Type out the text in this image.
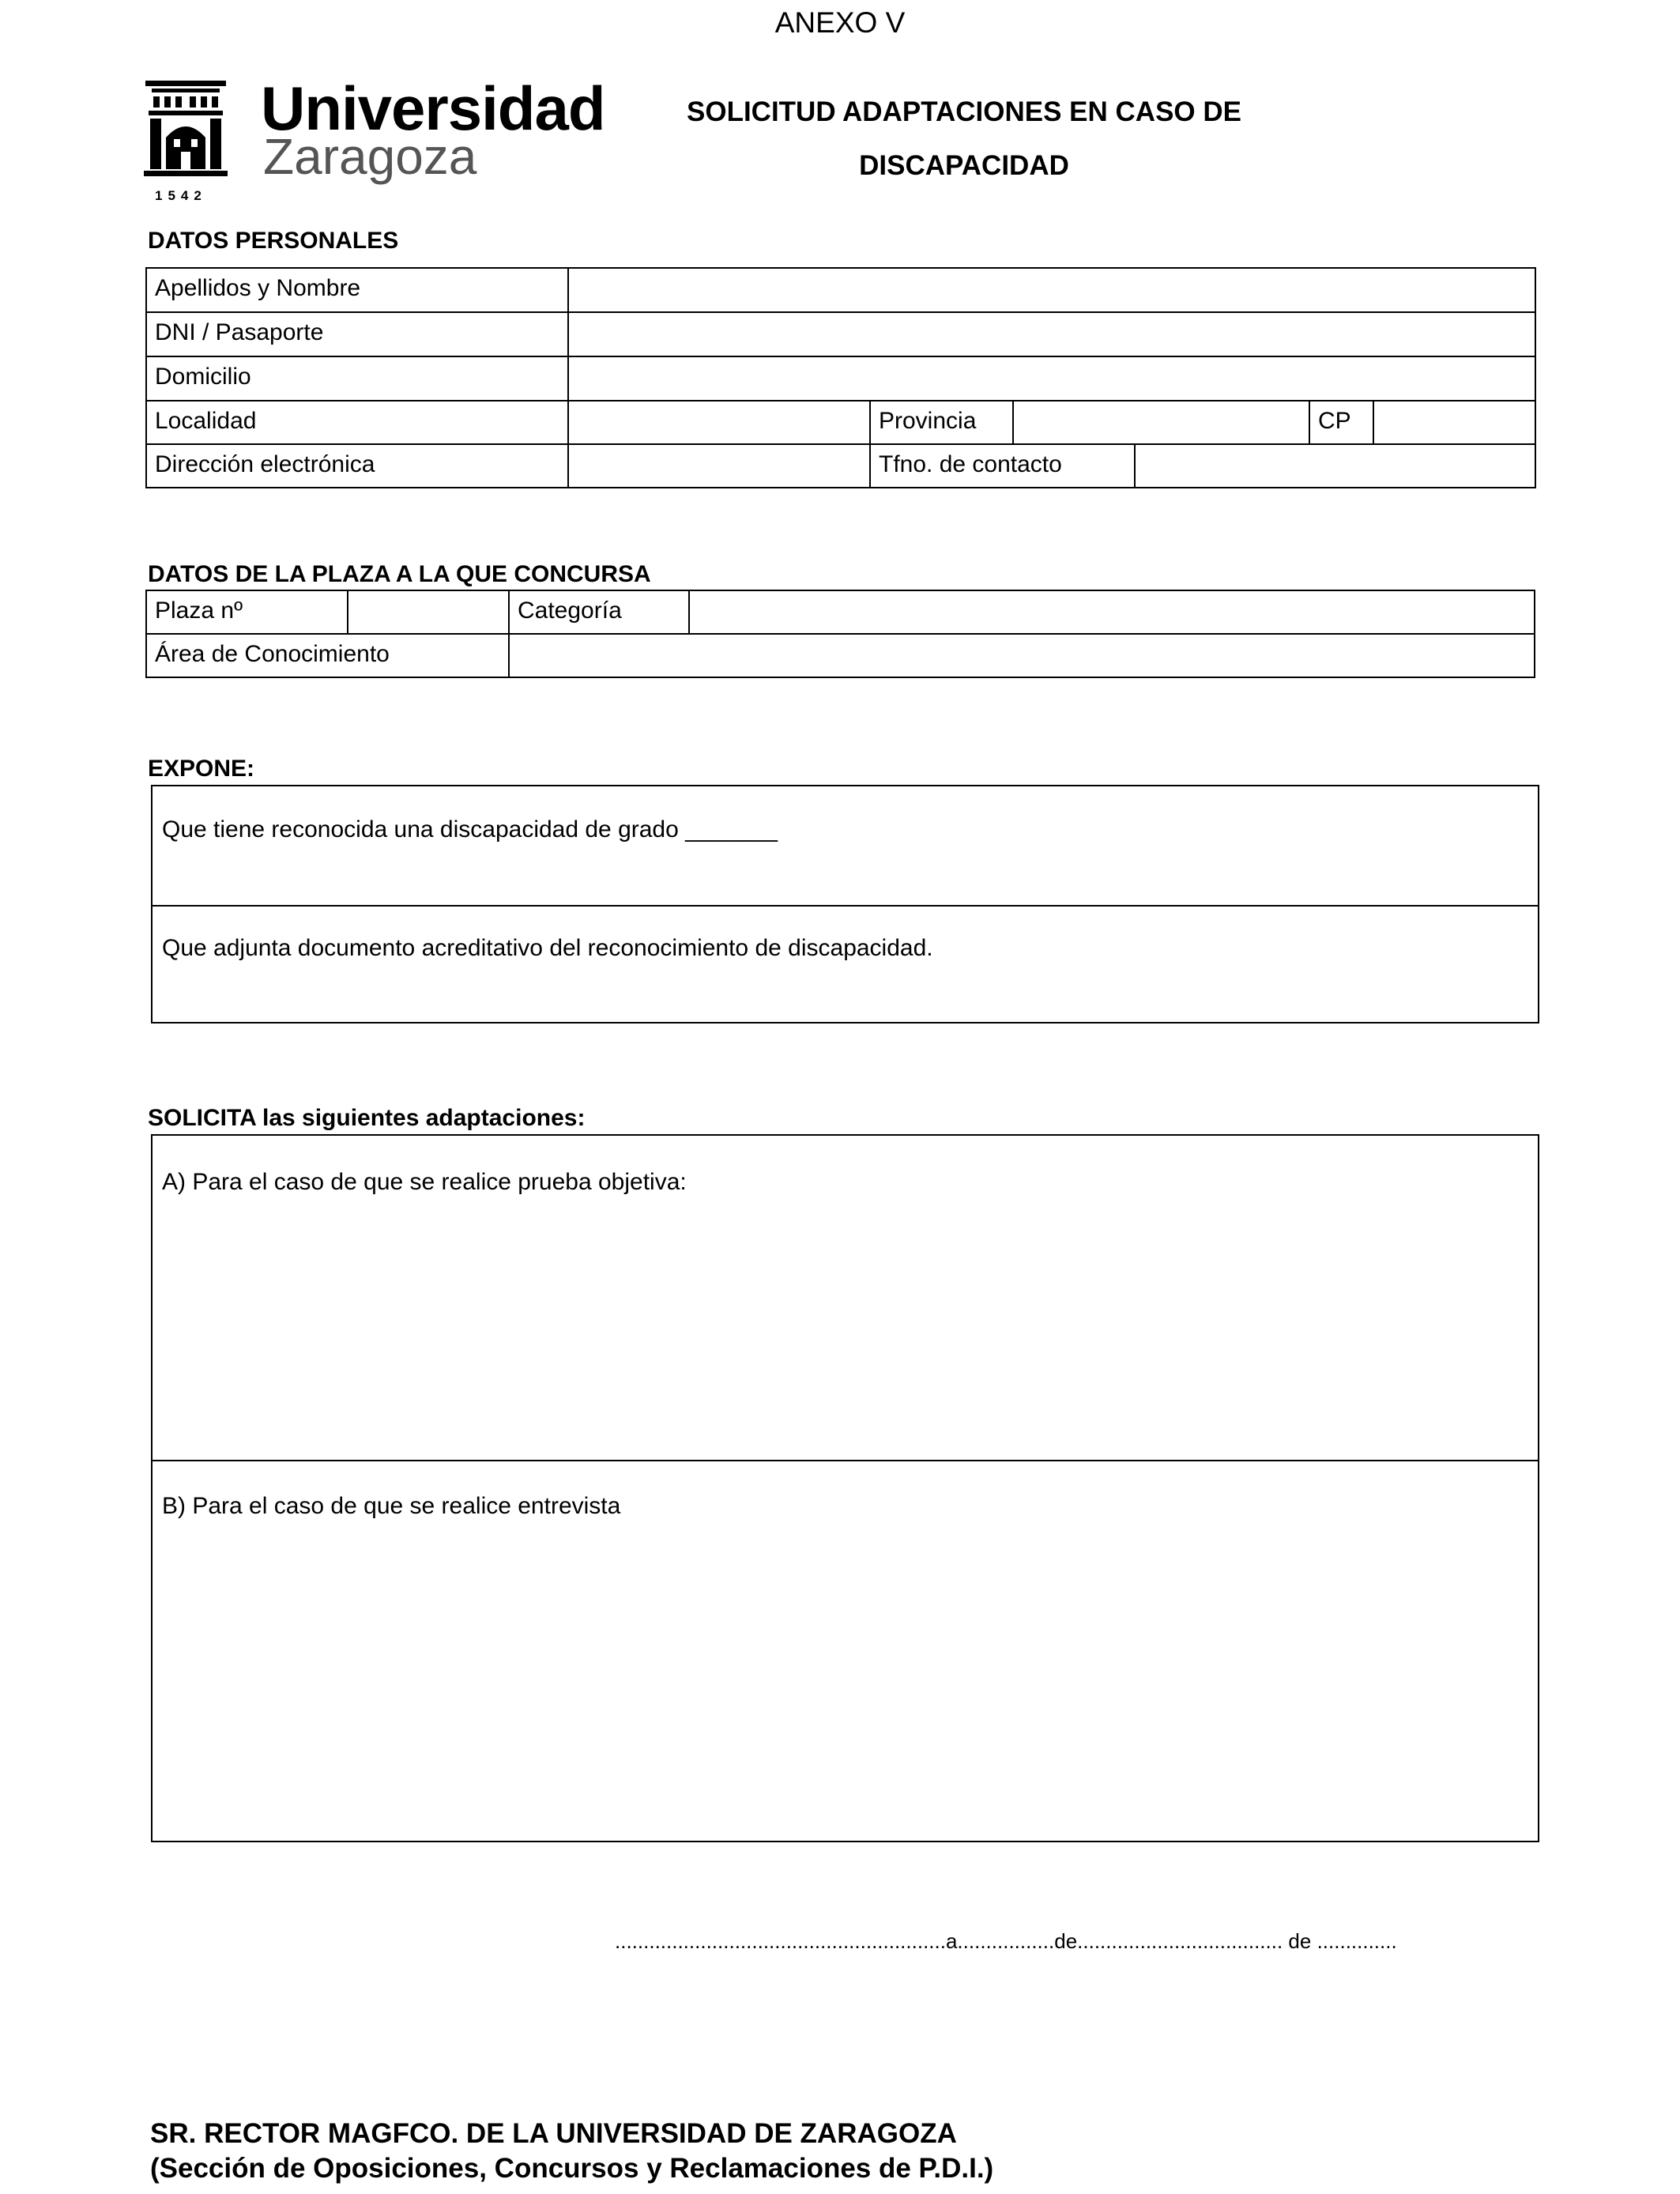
ANEXO V
Universidad
Zaragoza
1542
SOLICITUD ADAPTACIONES EN CASO DE
DISCAPACIDAD
DATOS PERSONALES
Apellidos y Nombre
DNI / Pasaporte
Domicilio
Localidad	Provincia	CP
Dirección electrónica	Tfno. de contacto
DATOS DE LA PLAZA A LA QUE CONCURSA
Plaza nº	Categoría
Área de Conocimiento
EXPONE:
Que tiene reconocida una discapacidad de grado _______
Que adjunta documento acreditativo del reconocimiento de discapacidad.
SOLICITA las siguientes adaptaciones:
A) Para el caso de que se realice prueba objetiva:
B) Para el caso de que se realice entrevista
..........................................................a.................de.................................... de ..............
SR. RECTOR MAGFCO. DE LA UNIVERSIDAD DE ZARAGOZA
(Sección de Oposiciones, Concursos y Reclamaciones de P.D.I.)
